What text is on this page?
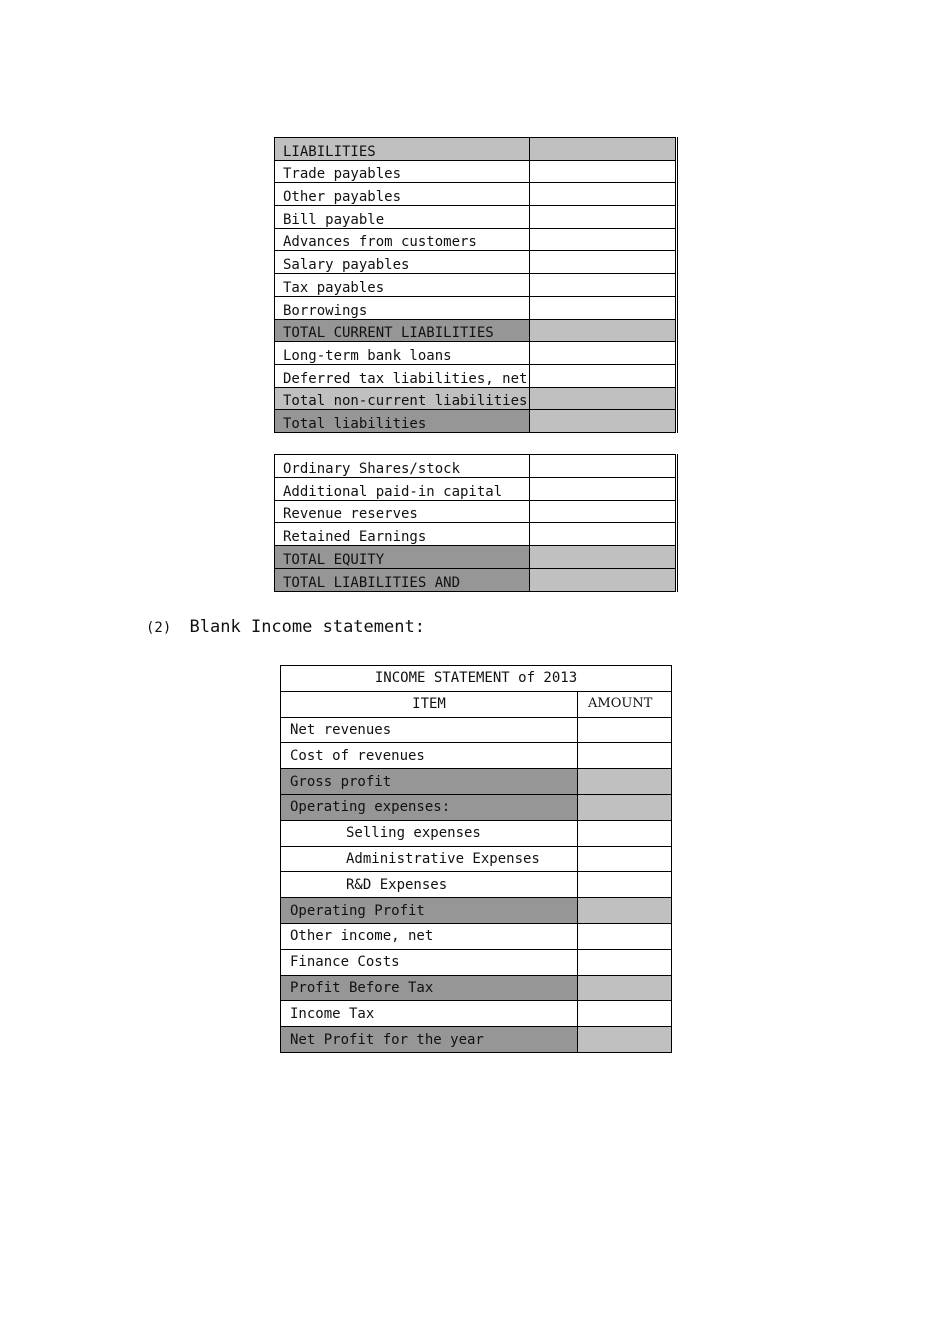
LIABILITIES	
Trade payables	
Other payables	
Bill payable	
Advances from customers	
Salary payables	
Tax payables	
Borrowings	
TOTAL CURRENT LIABILITIES	
Long-term bank loans	
Deferred tax liabilities, net	
Total non-current liabilities	
Total liabilities	
Ordinary Shares/stock	
Additional paid-in capital	
Revenue reserves	
Retained Earnings	
TOTAL EQUITY	
TOTAL LIABILITIES AND	
(2) Blank Income statement:
INCOME STATEMENT of 2013	
ITEM	AMOUNT
Net revenues	
Cost of revenues	
Gross profit	
Operating expenses:	
Selling expenses	
Administrative Expenses	
R&D Expenses	
Operating Profit	
Other income, net	
Finance Costs	
Profit Before Tax	
Income Tax	
Net Profit for the year	
